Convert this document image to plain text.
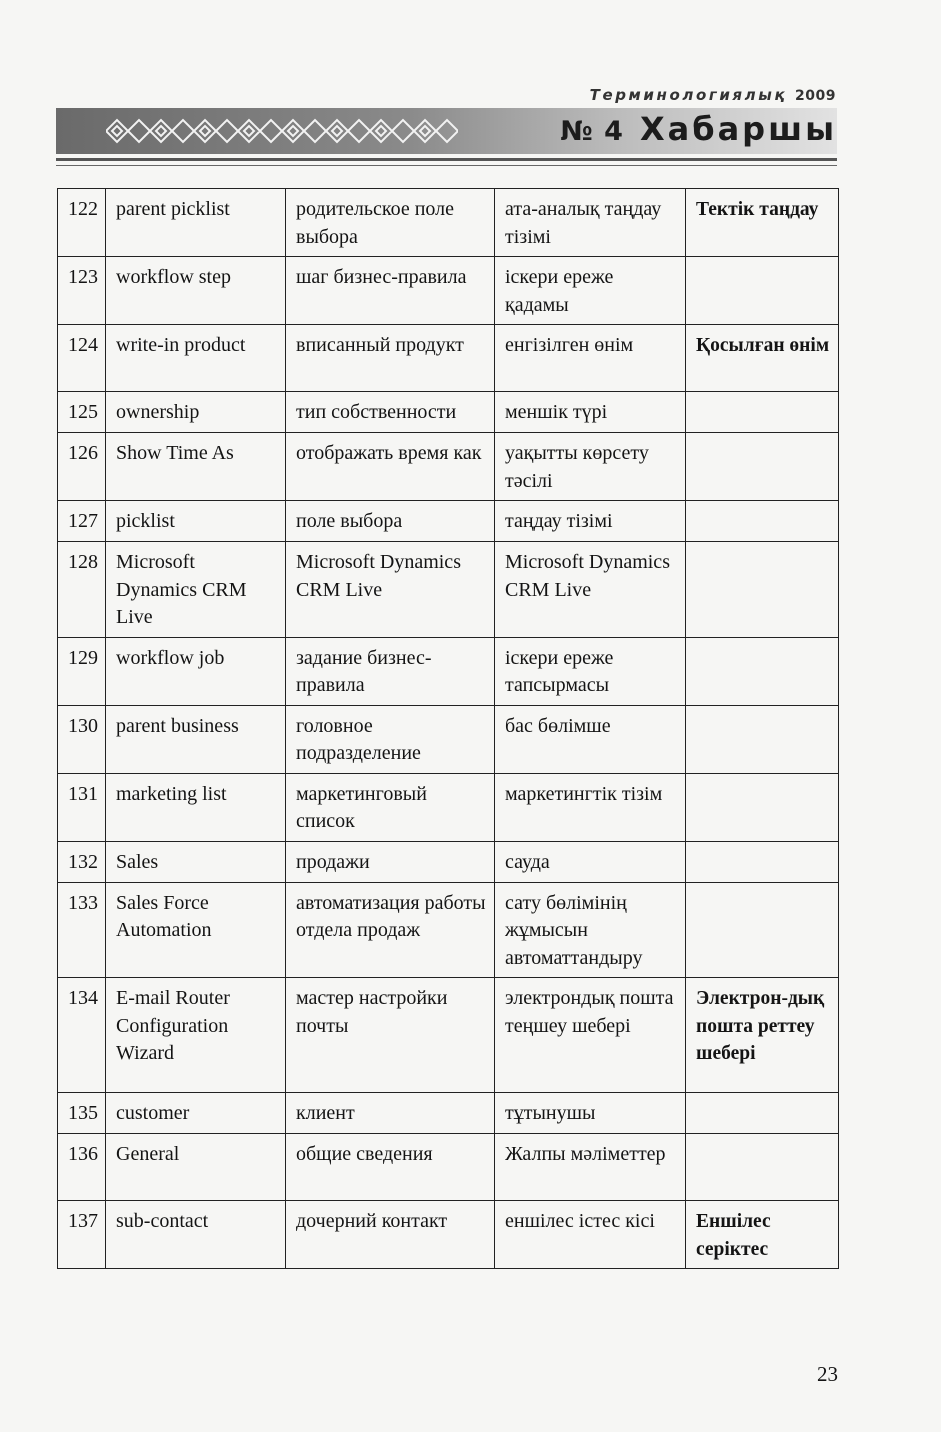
Терминологиялық 2009
№ 4 Хабаршы
122	parent picklist	родительское поле выбора	ата-аналық таңдау тізімі	Тектік таңдау
123	workflow step	шаг бизнес-правила	іскери ереже қадамы	
124	write-in product	вписанный продукт	енгізілген өнім	Қосылған өнім
125	ownership	тип собственности	меншік түрі	
126	Show Time As	отображать время как	уақытты көрсету тәсілі	
127	picklist	поле выбора	таңдау тізімі	
128	Microsoft Dynamics CRM Live	Microsoft Dynamics CRM Live	Microsoft Dynamics CRM Live	
129	workflow job	задание бизнес-правила	іскери ереже тапсырмасы	
130	parent business	головное подразделение	бас бөлімше	
131	marketing list	маркетинговый список	маркетингтік тізім	
132	Sales	продажи	сауда	
133	Sales Force Automation	автоматизация работы отдела продаж	сату бөлімінің жұмысын автоматтандыру	
134	E-mail Router Configuration Wizard	мастер настройки почты	электрондық пошта теңшеу шебері	Электрон-дық пошта реттеу шебері
135	customer	клиент	тұтынушы	
136	General	общие сведения	Жалпы мәліметтер	
137	sub-contact	дочерний контакт	еншілес істес кісі	Еншілес серіктес
23
